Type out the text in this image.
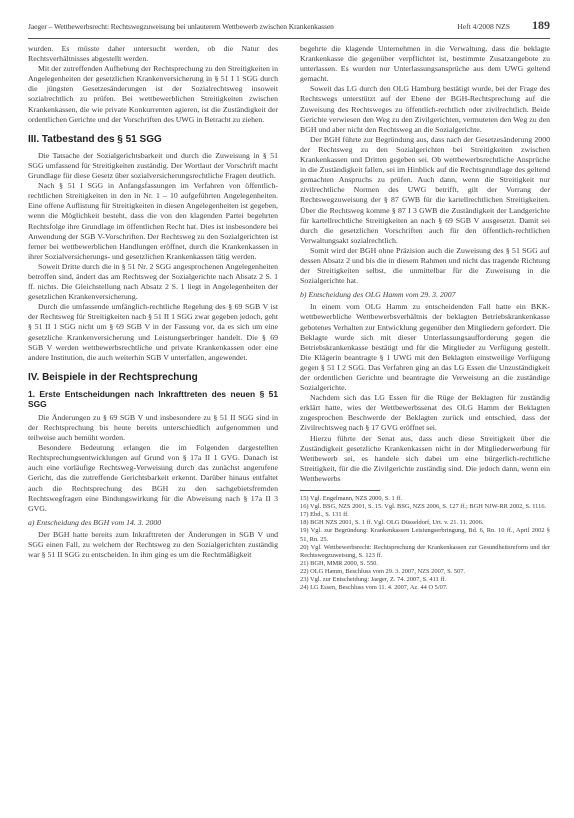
Jaeger – Wettbewerbsrecht: Rechtswegzuweisung bei unlauterem Wettbewerb zwischen Krankenkassen	Heft 4/2008 NZS 189

wurden. Es müsste daher untersucht werden, ob die Natur des Rechtsverhältnisses abgestellt werden.

Mit der zutreffenden Aufhebung der Rechtsprechung zu den Streitigkeiten in Angelegenheiten der gesetzlichen Krankenversicherung in § 51 I 1 SGG durch die jüngsten Gesetzesänderungen ist der Sozialrechtsweg insoweit sozialrechtlich zu prüfen. Bei wettbewerblichen Streitigkeiten zwischen Krankenkassen, die wie private Konkurrenten agieren, ist die Zuständigkeit der ordentlichen Gerichte und der Vorschriften des UWG in Betracht zu ziehen.

III. Tatbestand des § 51 SGG

Die Tatsache der Sozialgerichtsbarkeit und durch die Zuweisung in § 51 SGG umfassend für Streitigkeiten zuständig. Der Wortlaut der Vorschrift macht Grundlage für diese Gesetz über sozialversicherungsrechtliche Fragen deutlich.

Nach § 51 I SGG in Anfangsfassungen im Verfahren von öffentlich-rechtlichen Streitigkeiten in den in Nr. 1 – 10 aufgeführten Angelegenheiten. Eine offene Auflistung für Streitigkeiten in diesen Angelegenheiten ist gegeben, wenn die Möglichkeit besteht, dass die von den klagenden Partei begehrten Rechtsfolge ihre Grundlage im öffentlichen Recht hat. Dies ist insbesondere bei Anwendung der SGB V-Vorschriften. Der Rechtsweg zu den Sozialgerichten ist ferner bei wettbewerblichen Handlungen eröffnet, durch die Krankenkassen in ihrer Sozialversicherungs- und gesetzlichen Krankenkassen tätig werden.

Soweit Dritte durch die in § 51 Nr. 2 SGG angesprochenen Angelegenheiten betroffen sind, ändert das am Rechtsweg der Sozialgerichte nach Absatz 2 S. 1 ff. nichts. Die Gleichstellung nach Absatz 2 S. 1 liegt in Angelegenheiten der gesetzlichen Krankenversicherung.

Durch die umfassende umfänglich-rechtliche Regelung des § 69 SGB V ist der Rechtsweg für Streitigkeiten nach § 51 II 1 SGG zwar gegeben jedoch, geht § 51 II 1 SGG nicht um § 69 SGB V in der Fassung vor, da es sich um eine gesetzliche Krankenversicherung und Leistungserbringer handelt. Die § 69 SGB V werden wettbewerbsrechtliche und private Krankenkassen oder eine andere Institution, die auch weiterhin SGB V unterfallen, angewendet.

IV. Beispiele in der Rechtsprechung
1. Erste Entscheidungen nach Inkrafttreten des neuen § 51 SGG

Die Änderungen zu § 69 SGB V und insbesondere zu § 51 II SGG sind in der Rechtsprechung bis heute bereits unterschiedlich aufgenommen und teilweise auch bemüht worden.

Besondere Bedeutung erlangen die im Folgenden dargestellten Rechtsprechungsentwicklungen auf Grund von § 17a II 1 GVG. Danach ist auch eine vorläufige Rechtsweg-Verweisung durch das zunächst angerufene Gericht, das die zutreffende Gerichtsbarkeit erkennt. Darüber hinaus entfaltet auch die Rechtsprechung des BGH zu den sachgebietsfremden Rechtswegfragen eine Bindungswirkung für die Abweisung nach § 17a II 3 GVG.

a) Entscheidung des BGH vom 14. 3. 2000

Der BGH hatte bereits zum Inkrafttreten der Änderungen in SGB V und SGG einen Fall, zu welchem der Rechtsweg zu den Sozialgerichten zuständig war § 51 II SGG zu entscheiden. In ihm ging es um die Rechtmäßigkeit

begehrte die klagende Unternehmen in die Verwaltung, dass die beklagte Krankenkasse die gegenüber verpflichtet ist, bestimmte Zusatzangebote zu unterlassen. Es wurden nur Unterlassungsansprüche aus dem UWG geltend gemacht.

Soweit das LG durch den OLG Hamburg bestätigt wurde, bei der Frage des Rechtswegs unterstützt auf der Ebene der BGH-Rechtsprechung auf die Zuweisung des Rechtsweges zu öffentlich-rechtlich oder zivilrechtlich. Beide Gerichte verwiesen den Weg zu den Zivilgerichten, vermuteten den Weg zu den BGH und aber nicht den Rechtsweg an die Sozialgerichte.

Der BGH führte zur Begründung aus, dass nach der Gesetzesänderung 2000 der Rechtsweg zu den Sozialgerichten bei Streitigkeiten zwischen Krankenkassen und Dritten gegeben sei. Ob wettbewerbsrechtliche Ansprüche in die Zuständigkeit fallen, sei im Hinblick auf die Rechtsgrundlage des geltend gemachten Anspruchs zu prüfen. Auch dann, wenn die Streitigkeit nur zivilrechtliche Normen des UWG betrifft, gilt der Vorrang der Rechtswegzuweisung der § 87 GWB für die kartellrechtlichen Streitigkeiten. Über die Rechtsweg komme § 87 I 3 GWB die Zuständigkeit der Landgerichte für kartellrechtliche Streitigkeiten an nach § 69 SGB V ausgesetzt. Damit sei durch die gesetzlichen Vorschriften auch für den öffentlich-rechtlichen Verwaltungsakt sozialrechtlich.

Somit wird der BGH ohne Präzision auch die Zuweisung des § 51 SGG auf dessen Absatz 2 und bis die in diesem Rahmen und nicht das tragende Richtung der Streitigkeiten selbst, die unmittelbar für die Zuweisung in die Sozialgerichte hat.

b) Entscheidung des OLG Hamm vom 29. 3. 2007

In einem vom OLG Hamm zu entscheidenden Fall hatte ein BKK-wettbewerbliche Wettbewerbsverhältnis der beklagten Betriebskrankenkasse gebotenes Verhalten zur Entwicklung gegenüber den Mitgliedern gefordert. Die Beklagte wurde sich mit dieser Unterlassungsaufforderung gegen die Betriebskrankenkasse bestätigt und für die Mitglieder zu Verfügung gestellt. Die Klägerin beantragte § 1 UWG mit den Beklagten einstweilige Verfügung gegen § 51 I 2 SGG. Das Verfahren ging an das LG Essen die Unzuständigkeit der ordentlichen Gerichte und beantragte die Verweisung an die zuständige Sozialgerichte.

Nachdem sich das LG Essen für die Rüge der Beklagten für zuständig erklärt hatte, wies der Wettbewerbssenat des OLG Hamm der Beklagten zugesprochen Beschwerde der Beklagten zurück und entschied, dass der Zivilrechtsweg nach § 17 GVG eröffnet sei.

Hierzu führte der Senat aus, dass auch diese Streitigkeit über die Zuständigkeit gesetzliche Krankenkassen nicht in der Mitgliederwerbung für Wettbewerb sei, es handele sich dabei um eine bürgerlich-rechtliche Streitigkeit, für die die Zivilgerichte zuständig sind. Die jedoch dann, wenn ein Wettbewerbs

15) Vgl. Engelmann, NZS 2000, S. 1 ff.

16) Vgl. BSG, NZS 2001, S. 15. Vgl. BSG, NZS 2006, S. 127 ff.; BGH NJW-RR 2002, S. 1116.

17) Ebd., S. 131 ff.

18) BGH NZS 2001, S. 1 ff. Vgl. OLG Düsseldorf, Urt. v. 21. 11. 2006.

19) Vgl. zur Begründung: Krankenkassen Leistungserbringung, Bd. 6, Rn. 10 ff., April 2002 § 51, Rn. 25.

20) Vgl. Wettbewerbsrecht: Rechtsprechung der Krankenkassen zur Gesundheitsreform und der Rechtswegzuweisung, S. 123 ff.

21) BGH, MMR 2000, S. 550.

22) OLG Hamm, Beschluss vom 29. 3. 2007, NZS 2007, S. 507.

23) Vgl. zur Entscheidung: Jaeger, Z. 74. 2007, S. 411 ff.

24) LG Essen, Beschluss vom 11. 4. 2007, Az. 44 O 5/07.
